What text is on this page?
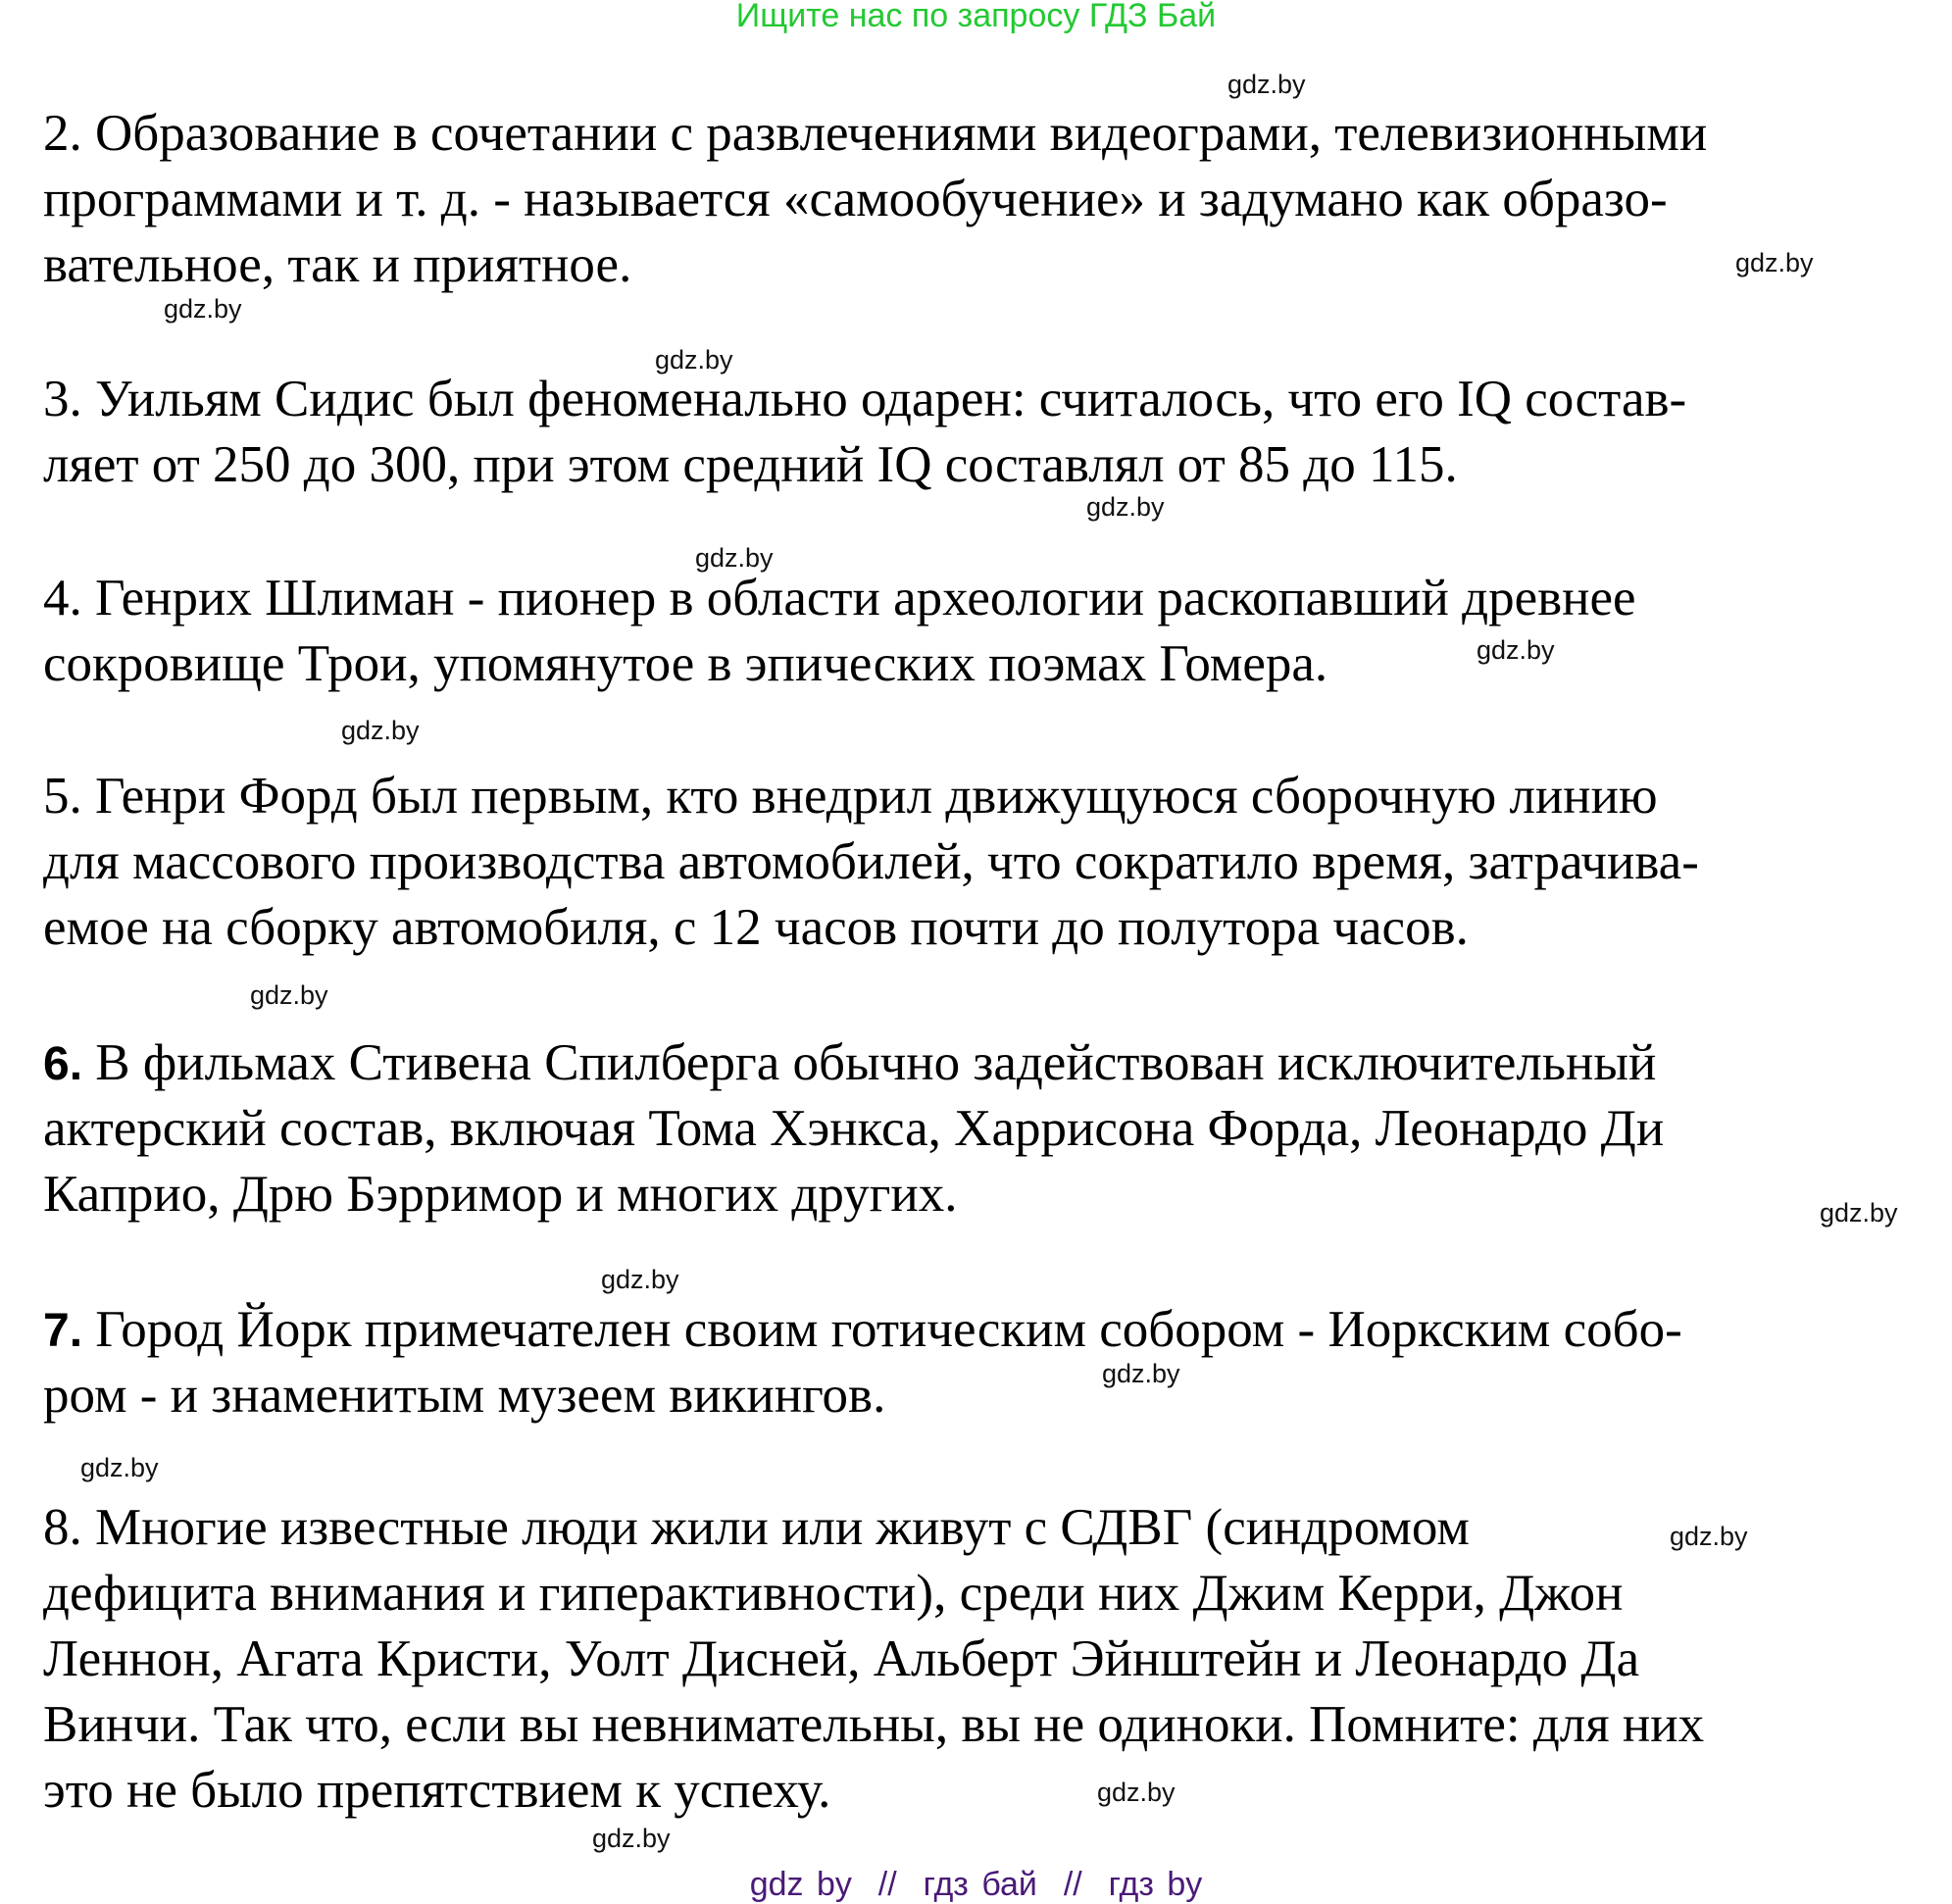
Ищите нас по запросу ГДЗ Бай
2. Образование в сочетании с развлечениями видеограми, телевизионными
программами и т. д. - называется «самообучение» и задумано как образо-
вательное, так и приятное.
3. Уильям Сидис был феноменально одарен: считалось, что его IQ состав-
ляет от 250 до 300, при этом средний IQ составлял от 85 до 115.
4. Генрих Шлиман - пионер в области археологии раскопавший древнее
сокровище Трои, упомянутое в эпических поэмах Гомера.
5. Генри Форд был первым, кто внедрил движущуюся сборочную линию
для массового производства автомобилей, что сократило время, затрачива-
емое на сборку автомобиля, с 12 часов почти до полутора часов.
6. В фильмах Стивена Спилберга обычно задействован исключительный
актерский состав, включая Тома Хэнкса, Харрисона Форда, Леонардо Ди
Каприо, Дрю Бэрримор и многих других.
7. Город Йорк примечателен своим готическим собором - Иоркским собо-
ром - и знаменитым музеем викингов.
8. Многие известные люди жили или живут с СДВГ (синдромом
дефицита внимания и гиперактивности), среди них Джим Керри, Джон
Леннон, Агата Кристи, Уолт Дисней, Альберт Эйнштейн и Леонардо Да
Винчи. Так что, если вы невнимательны, вы не одиноки. Помните: для них
это не было препятствием к успеху.
gdz.by
gdz.by
gdz.by
gdz.by
gdz.by
gdz.by
gdz.by
gdz.by
gdz.by
gdz.by
gdz.by
gdz.by
gdz.by
gdz.by
gdz.by
gdz.by
gdz by  //  гдз бай  //  гдз by
